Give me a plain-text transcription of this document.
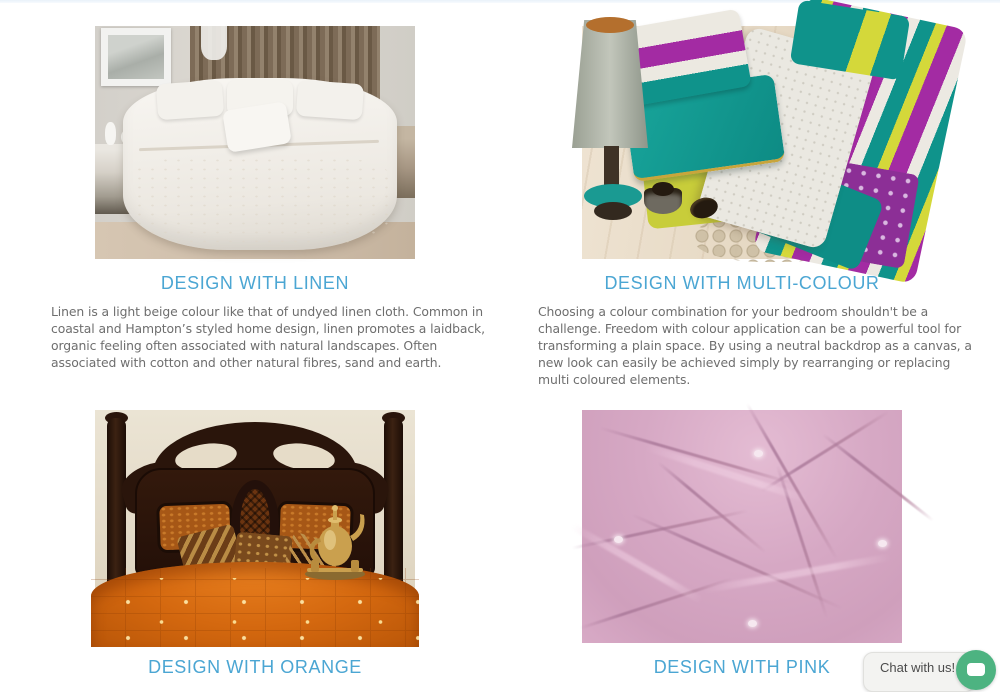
DESIGN WITH LINEN

Linen is a light beige colour like that of undyed linen cloth. Common in
coastal and Hampton’s styled home design, linen promotes a laidback,
organic feeling often associated with natural landscapes. Often
associated with cotton and other natural fibres, sand and earth.

DESIGN WITH MULTI-COLOUR

Choosing a colour combination for your bedroom shouldn't be a
challenge. Freedom with colour application can be a powerful tool for
transforming a plain space. By using a neutral backdrop as a canvas, a
new look can easily be achieved simply by rearranging or replacing
multi coloured elements.

DESIGN WITH ORANGE	DESIGN WITH PINK	Chat with us!
